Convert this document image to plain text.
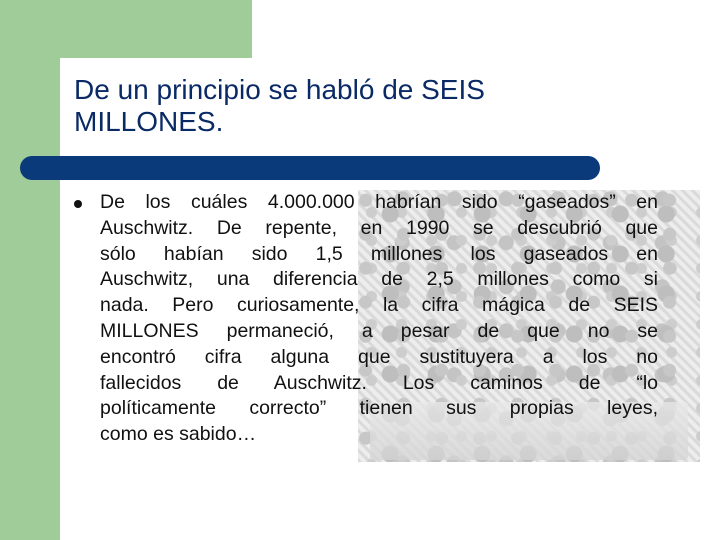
De un principio se habló de SEIS
MILLONES.

De los cuáles 4.000.000 habrían sido “gaseados” en
Auschwitz. De repente, en 1990 se descubrió que
sólo habían sido 1,5 millones los gaseados en
Auschwitz, una diferencia de 2,5 millones como si
nada. Pero curiosamente, la cifra mágica de SEIS
MILLONES permaneció, a pesar de que no se
encontró cifra alguna que sustituyera a los no
fallecidos de Auschwitz. Los caminos de “lo
políticamente correcto” tienen sus propias leyes,
como es sabido…
